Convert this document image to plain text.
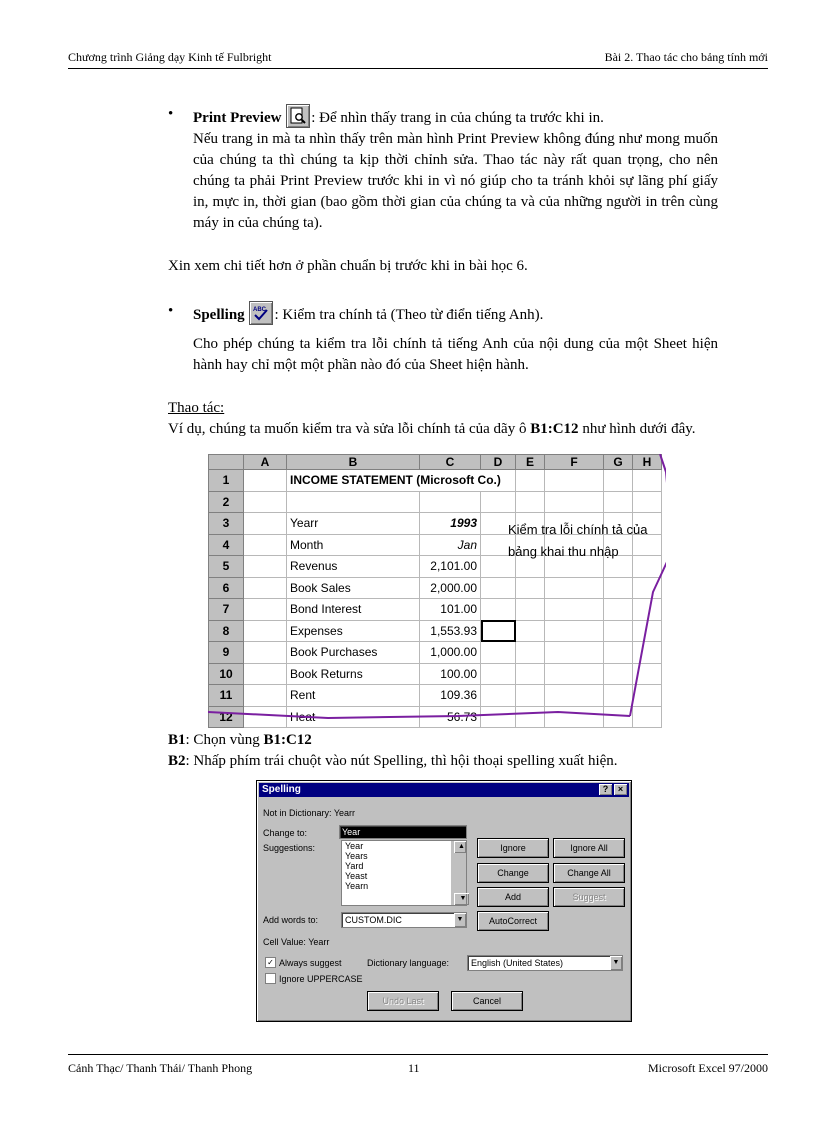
Chương trình Giảng dạy Kinh tế Fulbright	Bài 2. Thao tác cho bảng tính mới
•	Print Preview : Để nhìn thấy trang in của chúng ta trước khi in.
Nếu trang in mà ta nhìn thấy trên màn hình Print Preview không đúng như mong muốn của chúng ta thì chúng ta kịp thời chỉnh sửa. Thao tác này rất quan trọng, cho nên chúng ta phải Print Preview trước khi in vì nó giúp cho ta tránh khỏi sự lãng phí giấy in, mực in, thời gian (bao gồm thời gian của chúng ta và của những người in trên cùng máy in của chúng ta).
Xin xem chi tiết hơn ở phần chuẩn bị trước khi in bài học 6.
•	Spelling ABC : Kiểm tra chính tả (Theo từ điển tiếng Anh).
Cho phép chúng ta kiểm tra lỗi chính tả tiếng Anh của nội dung của một Sheet hiện hành hay chỉ một một phần nào đó của Sheet hiện hành.
Thao tác:
Ví dụ, chúng ta muốn kiểm tra và sửa lỗi chính tả của dãy ô B1:C12 như hình dưới đây.
	A	B	C	D	E	F	G	H
1		INCOME STATEMENT (Microsoft Co.)						
2								
3		Yearr	1993					
4		Month	Jan					
5		Revenus	2,101.00					
6		Book Sales	2,000.00					
7		Bond Interest	101.00					
8		Expenses	1,553.93					
9		Book Purchases	1,000.00					
10		Book Returns	100.00					
11		Rent	109.36					
12		Heat	56.73					
Kiểm tra lỗi chính tả của
bảng khai thu nhập
B1: Chọn vùng B1:C12
B2: Nhấp phím trái chuột vào nút Spelling, thì hội thoại spelling xuất hiện.
Spelling	?	×
Not in Dictionary: Yearr
Change to:	Year
Suggestions:	Year
Years
Yard
Yeast
Yearn
▲
▼
Add words to:	CUSTOM.DIC	▼
Cell Value: Yearr
✓ Always suggest
Ignore UPPERCASE
Dictionary language:	English (United States)	▼
Ignore	Ignore All
Change	Change All
Add	Suggest
AutoCorrect
Undo Last	Cancel
Cảnh Thạc/ Thanh Thái/ Thanh Phong	11	Microsoft Excel 97/2000
